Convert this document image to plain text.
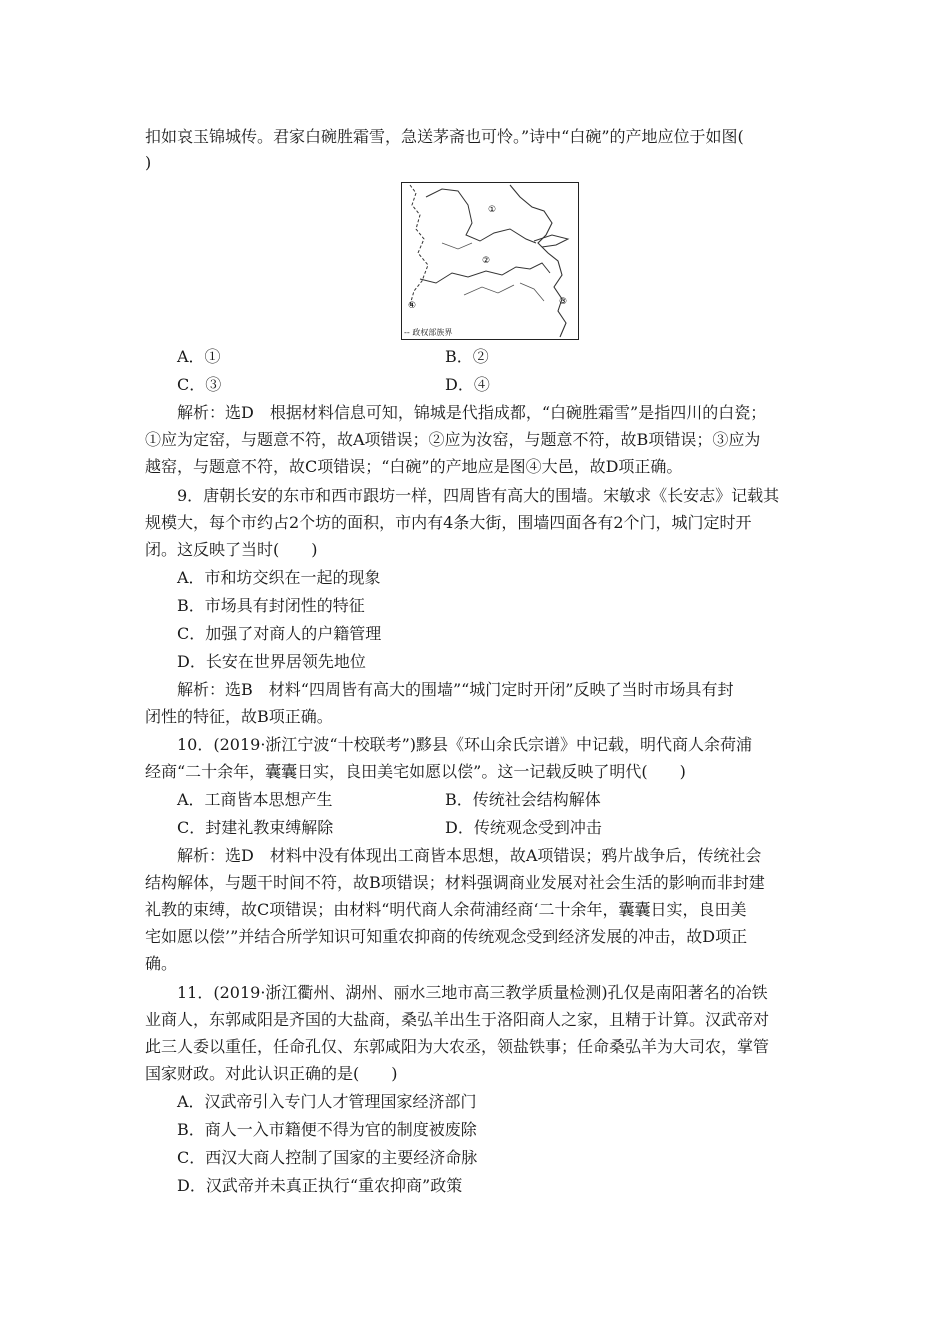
扣如哀玉锦城传。君家白碗胜霜雪，急送茅斋也可怜。”诗中“白碗”的产地应位于如图(
)
①
②
③
④
-- 政权部族界
A．①	B．②
C．③	D．④
解析：选D　根据材料信息可知，锦城是代指成都，“白碗胜霜雪”是指四川的白瓷；
①应为定窑，与题意不符，故A项错误；②应为汝窑，与题意不符，故B项错误；③应为
越窑，与题意不符，故C项错误；“白碗”的产地应是图④大邑，故D项正确。
9．唐朝长安的东市和西市跟坊一样，四周皆有高大的围墙。宋敏求《长安志》记载其
规模大，每个市约占2个坊的面积，市内有4条大街，围墙四面各有2个门，城门定时开
闭。这反映了当时(　　)
A．市和坊交织在一起的现象
B．市场具有封闭性的特征
C．加强了对商人的户籍管理
D．长安在世界居领先地位
解析：选B　材料“四周皆有高大的围墙”“城门定时开闭”反映了当时市场具有封
闭性的特征，故B项正确。
10．(2019·浙江宁波“十校联考”)黟县《环山余氏宗谱》中记载，明代商人余荷浦
经商“二十余年，囊囊日实，良田美宅如愿以偿”。这一记载反映了明代(　　)
A．工商皆本思想产生	B．传统社会结构解体
C．封建礼教束缚解除	D．传统观念受到冲击
解析：选D　材料中没有体现出工商皆本思想，故A项错误；鸦片战争后，传统社会
结构解体，与题干时间不符，故B项错误；材料强调商业发展对社会生活的影响而非封建
礼教的束缚，故C项错误；由材料“明代商人余荷浦经商‘二十余年，囊囊日实，良田美
宅如愿以偿’”并结合所学知识可知重农抑商的传统观念受到经济发展的冲击，故D项正
确。
11．(2019·浙江衢州、湖州、丽水三地市高三教学质量检测)孔仅是南阳著名的冶铁
业商人，东郭咸阳是齐国的大盐商，桑弘羊出生于洛阳商人之家，且精于计算。汉武帝对
此三人委以重任，任命孔仅、东郭咸阳为大农丞，领盐铁事；任命桑弘羊为大司农，掌管
国家财政。对此认识正确的是(　　)
A．汉武帝引入专门人才管理国家经济部门
B．商人一入市籍便不得为官的制度被废除
C．西汉大商人控制了国家的主要经济命脉
D．汉武帝并未真正执行“重农抑商”政策
